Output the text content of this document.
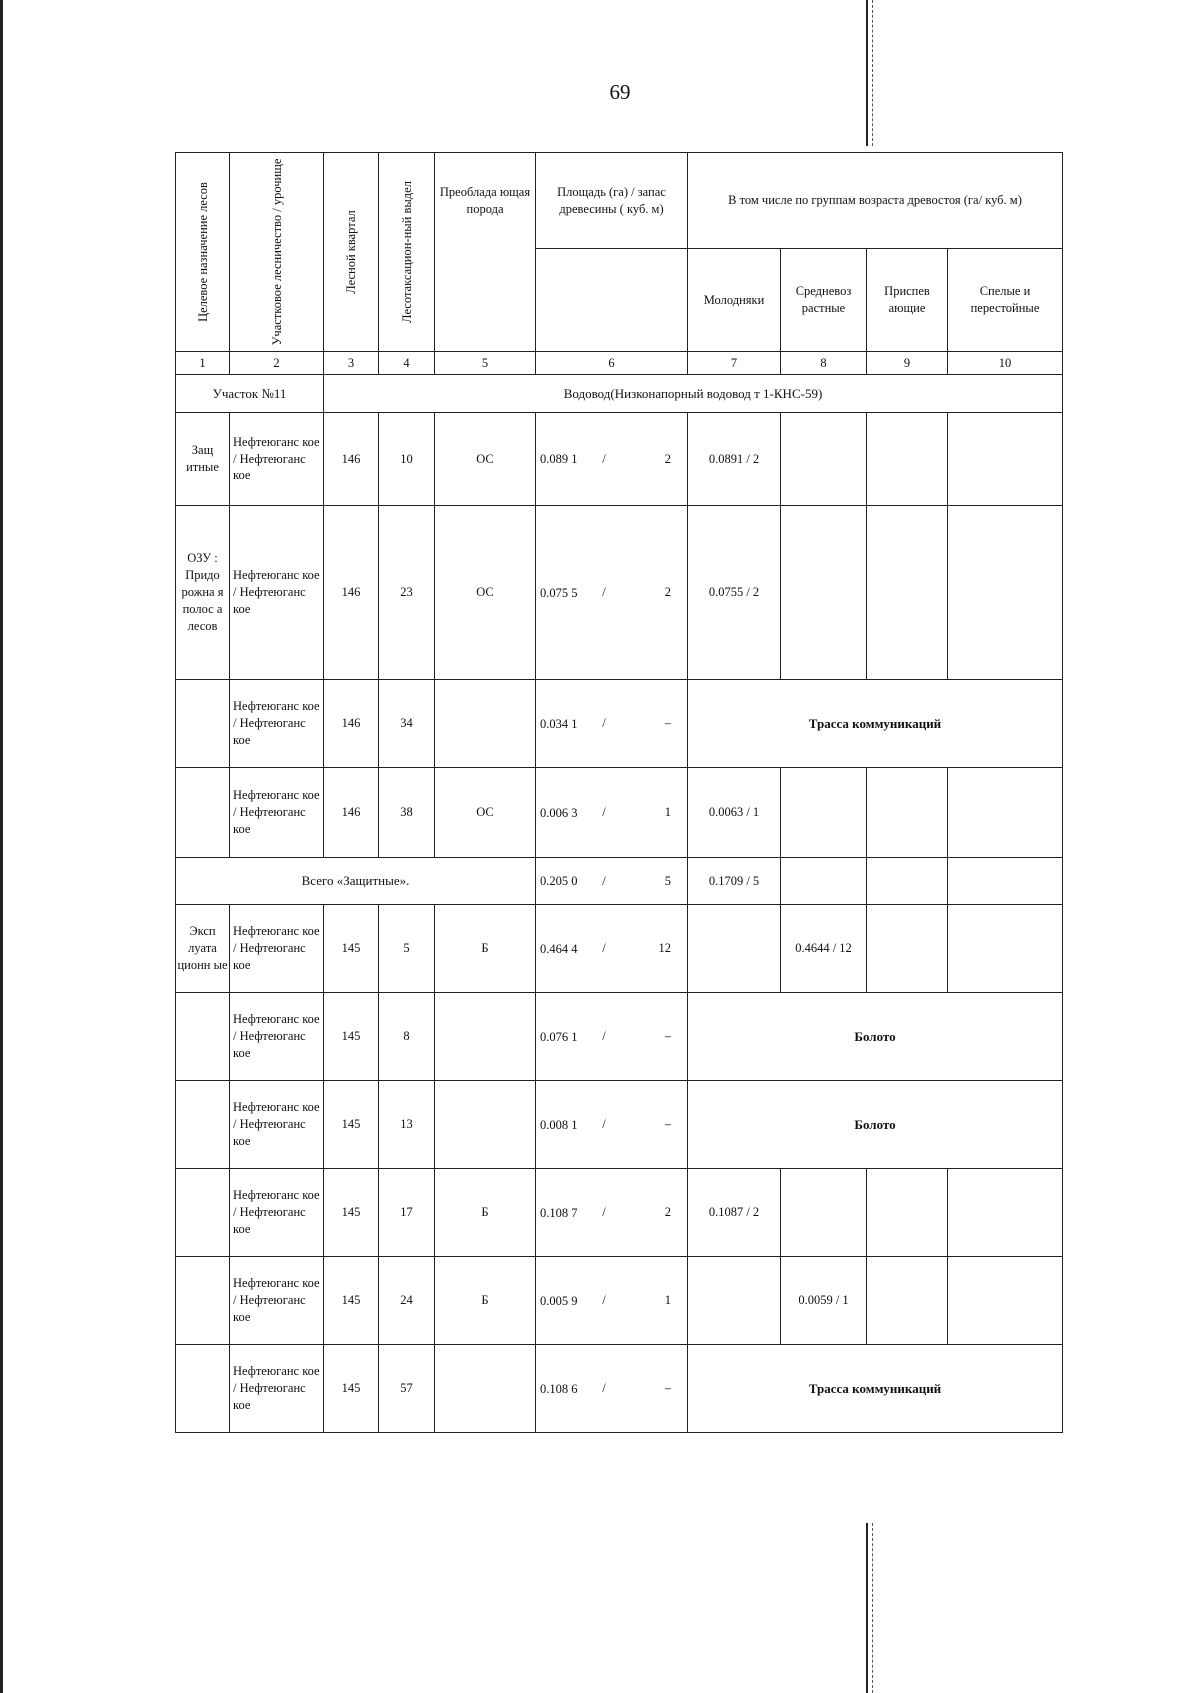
69
Целевое назначение лесов	Участковое лесничество / урочище	Лесной квартал	Лесотаксацион-ный выдел	Преоблада ющая порода	Площадь (га) / запас древесины ( куб. м)	В том числе по группам возраста древостоя (га/ куб. м)			
						Молодняки	Средневоз растные	Приспев ающие	Спелые и перестойные
1	2	3	4	5	6	7	8	9	10
Участок №11		Водовод(Низконапорный водовод т 1-КНС-59)							
Защ итные	Нефтеюганс кое / Нефтеюганс кое	146	10	ОС	0.089 1 / 2	0.0891 / 2			
ОЗУ : Придо рожна я полос а лесов	Нефтеюганс кое / Нефтеюганс кое	146	23	ОС	0.075 5 / 2	0.0755 / 2			
	Нефтеюганс кое / Нефтеюганс кое	146	34		0.034 1 / –	Трасса коммуникаций			
	Нефтеюганс кое / Нефтеюганс кое	146	38	ОС	0.006 3 / 1	0.0063 / 1			
Всего «Защитные».					0.205 0 / 5	0.1709 / 5			
Эксп луата ционн ые	Нефтеюганс кое / Нефтеюганс кое	145	5	Б	0.464 4 / 12		0.4644 / 12		
	Нефтеюганс кое / Нефтеюганс кое	145	8		0.076 1 / –	Болото			
	Нефтеюганс кое / Нефтеюганс кое	145	13		0.008 1 / –	Болото			
	Нефтеюганс кое / Нефтеюганс кое	145	17	Б	0.108 7 / 2	0.1087 / 2			
	Нефтеюганс кое / Нефтеюганс кое	145	24	Б	0.005 9 / 1		0.0059 / 1		
	Нефтеюганс кое / Нефтеюганс кое	145	57		0.108 6 / –	Трасса коммуникаций			
